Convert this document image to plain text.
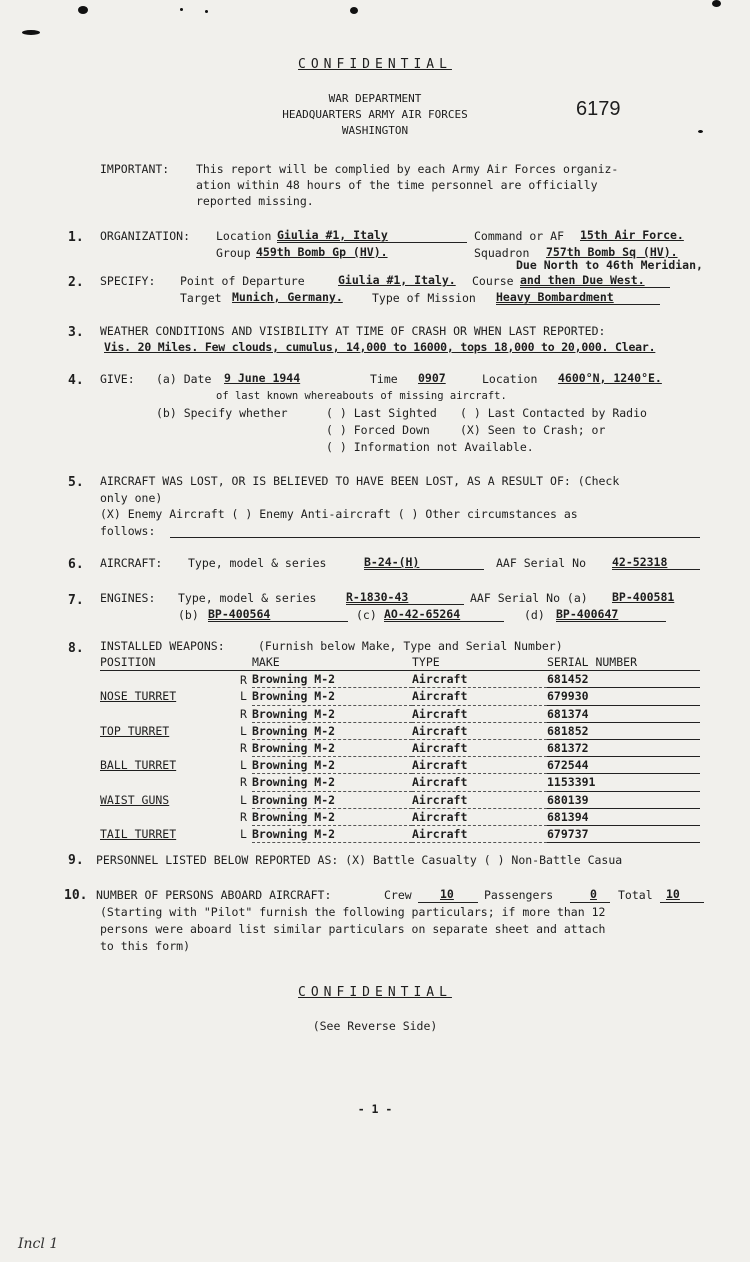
CONFIDENTIAL
WAR DEPARTMENT
HEADQUARTERS ARMY AIR FORCES
WASHINGTON
6179
IMPORTANT: This report will be complied by each Army Air Forces organiz-
ation within 48 hours of the time personnel are officially
reported missing.
1. ORGANIZATION: Location Giulia #1, Italy	Command or AF 15th Air Force.
Group 459th Bomb Gp (HV).	Squadron 757th Bomb Sq (HV).
Due North to 46th Meridian,
2. SPECIFY: Point of Departure	Giulia #1, Italy. Course and then Due West.
Target Munich, Germany.	Type of Mission Heavy Bombardment
3. WEATHER CONDITIONS AND VISIBILITY AT TIME OF CRASH OR WHEN LAST REPORTED:
Vis. 20 Miles. Few clouds, cumulus, 14,000 to 16000, tops 18,000 to 20,000. Clear.
4. GIVE: (a) Date 9 June 1944	Time 0907	Location 4600°N, 1240°E.
of last known whereabouts of missing aircraft.
(b) Specify whether	( ) Last Sighted ( ) Last Contacted by Radio
( ) Forced Down	(X) Seen to Crash; or
( ) Information not Available.
5. AIRCRAFT WAS LOST, OR IS BELIEVED TO HAVE BEEN LOST, AS A RESULT OF: (Check
only one)
(X) Enemy Aircraft ( ) Enemy Anti-aircraft ( ) Other circumstances as
follows:
6. AIRCRAFT: Type, model & series	B-24-(H)	AAF Serial No 42-52318
7. ENGINES: Type, model & series	R-1830-43	AAF Serial No (a) BP-400581
(b) BP-400564	(c) AO-42-65264	(d) BP-400647
8. INSTALLED WEAPONS:	(Furnish below Make, Type and Serial Number)
POSITION		MAKE	TYPE	SERIAL NUMBER
	R	Browning M-2	Aircraft	681452
NOSE TURRET	L	Browning M-2	Aircraft	679930
	R	Browning M-2	Aircraft	681374
TOP TURRET	L	Browning M-2	Aircraft	681852
	R	Browning M-2	Aircraft	681372
BALL TURRET	L	Browning M-2	Aircraft	672544
	R	Browning M-2	Aircraft	1153391
WAIST GUNS	L	Browning M-2	Aircraft	680139
	R	Browning M-2	Aircraft	681394
TAIL TURRET	L	Browning M-2	Aircraft	679737
9. PERSONNEL LISTED BELOW REPORTED AS: (X) Battle Casualty ( ) Non-Battle Casua
10. NUMBER OF PERSONS ABOARD AIRCRAFT:	Crew 10	Passengers	0 Total 10
(Starting with "Pilot" furnish the following particulars; if more than 12
persons were aboard list similar particulars on separate sheet and attach
to this form)
CONFIDENTIAL
(See Reverse Side)
- 1 -
Incl 1
